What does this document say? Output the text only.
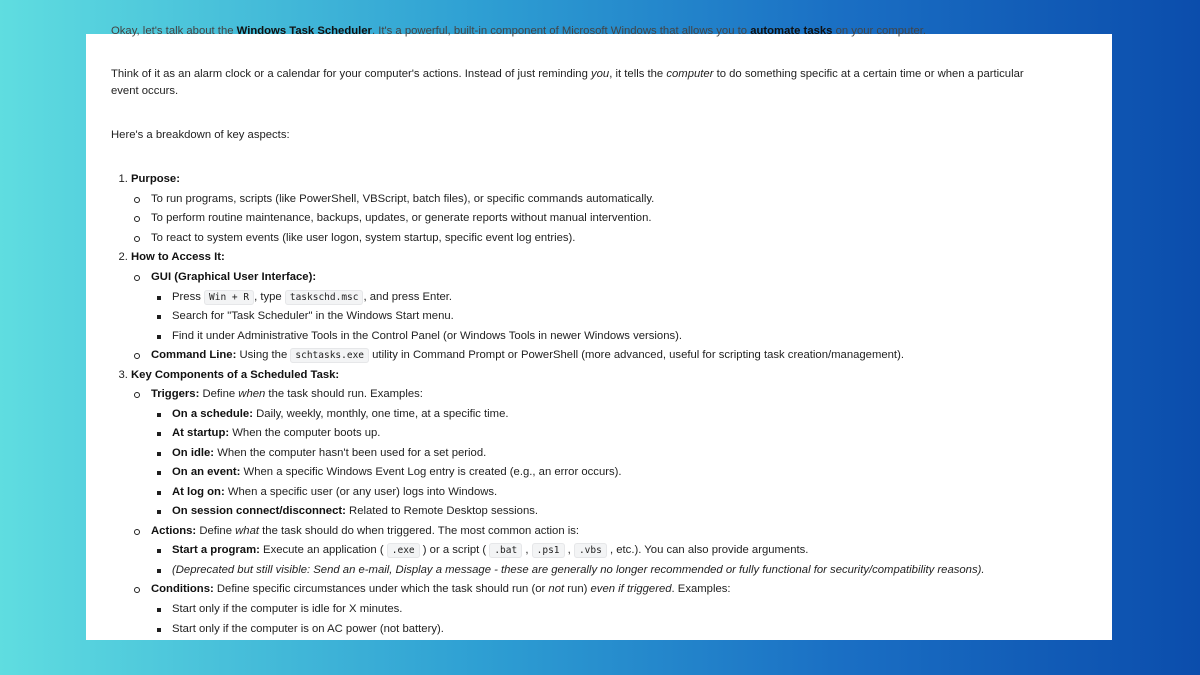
Okay, let's talk about the Windows Task Scheduler. It's a powerful, built-in component of Microsoft Windows that allows you to automate tasks on your computer.

Think of it as an alarm clock or a calendar for your computer's actions. Instead of just reminding you, it tells the computer to do something specific at a certain time or when a particular event occurs.

Here's a breakdown of key aspects:

1. Purpose:
To run programs, scripts (like PowerShell, VBScript, batch files), or specific commands automatically.
To perform routine maintenance, backups, updates, or generate reports without manual intervention.
To react to system events (like user logon, system startup, specific event log entries).
2. How to Access It:
GUI (Graphical User Interface):
Press Win + R , type taskschd.msc , and press Enter.
Search for "Task Scheduler" in the Windows Start menu.
Find it under Administrative Tools in the Control Panel (or Windows Tools in newer Windows versions).
Command Line: Using the schtasks.exe utility in Command Prompt or PowerShell (more advanced, useful for scripting task creation/management).
3. Key Components of a Scheduled Task:
Triggers: Define when the task should run. Examples:
On a schedule: Daily, weekly, monthly, one time, at a specific time.
At startup: When the computer boots up.
On idle: When the computer hasn't been used for a set period.
On an event: When a specific Windows Event Log entry is created (e.g., an error occurs).
At log on: When a specific user (or any user) logs into Windows.
On session connect/disconnect: Related to Remote Desktop sessions.
Actions: Define what the task should do when triggered. The most common action is:
Start a program: Execute an application ( .exe ) or a script ( .bat , .ps1 , .vbs , etc.). You can also provide arguments.
(Deprecated but still visible: Send an e-mail, Display a message - these are generally no longer recommended or fully functional for security/compatibility reasons).
Conditions: Define specific circumstances under which the task should run (or not run) even if triggered. Examples:
Start only if the computer is idle for X minutes.
Start only if the computer is on AC power (not battery).
